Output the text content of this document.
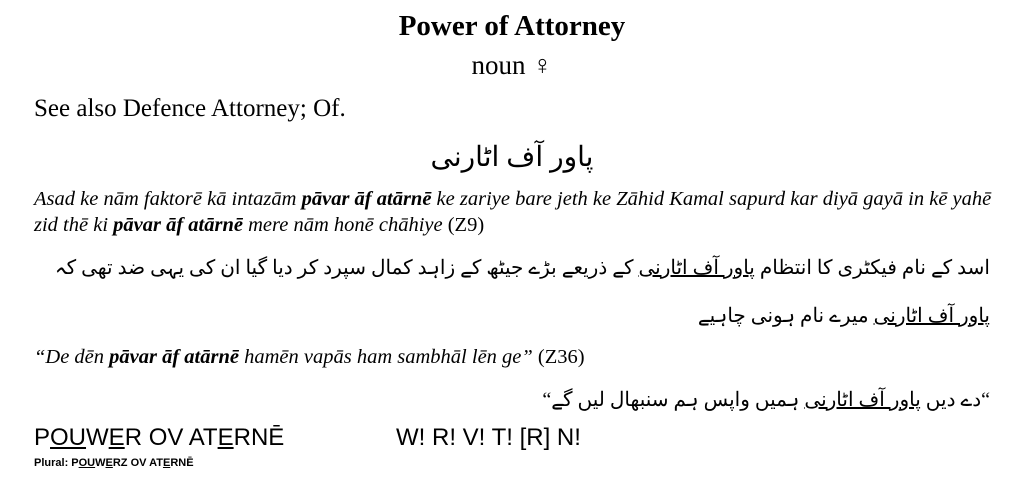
Power of Attorney
noun ♀
See also Defence Attorney; Of.
پاور آف اٹارنی
Asad ke nām faktorē kā intazām pāvar āf atārnē ke zariye bare jeth ke Zāhid Kamal sapurd kar diyā gayā in kē yahē zid thē ki pāvar āf atārnē mere nām honē chāhiye (Z9)
اسد کے نام فیکٹری کا انتظام پاور آف اٹارنی کے ذریعے بڑے جیٹھ کے زاہد کمال سپرد کر دیا گیا ان کی یہی ضد تھی کہ پاور آف اٹارنی میرے نام ہونی چاہیے
“De dēn pāvar āf atārnē hamēn vapās ham sambhāl lēn ge” (Z36)
“دے دیں پاور آف اٹارنی ہمیں واپس ہم سنبھال لیں گے“
POUWER OV ATERNĒ	W! R! V! T! [R] N!
Plural: POUWERZ OV ATERNĒ
